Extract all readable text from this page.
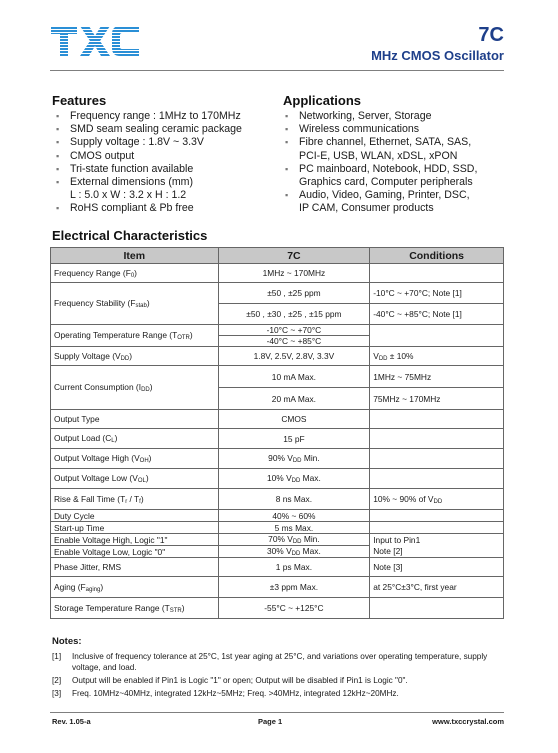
7C
MHz CMOS Oscillator
Features
▪ Frequency range : 1MHz to 170MHz
▪ SMD seam sealing ceramic package
▪ Supply voltage : 1.8V ~ 3.3V
▪ CMOS output
▪ Tri-state function available
▪ External dimensions (mm)
L : 5.0 x W : 3.2 x H : 1.2
▪ RoHS compliant & Pb free
Applications
▪ Networking, Server, Storage
▪ Wireless communications
▪ Fibre channel, Ethernet, SATA, SAS,
PCI-E, USB, WLAN, xDSL, xPON
▪ PC mainboard, Notebook, HDD, SSD,
Graphics card, Computer peripherals
▪ Audio, Video, Gaming, Printer, DSC,
IP CAM, Consumer products
Electrical Characteristics
Item	7C	Conditions
Frequency Range $(F_0)$	1MHz ~ 170MHz	
Frequency Stability $(F_{stab})$	±50 , ±25 ppm	-10°C ~ +70°C; Note [1]
	±50 , ±30 , ±25 , ±15 ppm	-40°C ~ +85°C; Note [1]
Operating Temperature Range $(T_{OTR})$	-10°C ~ +70°C	
	-40°C ~ +85°C	
Supply Voltage $(V_{DD})$	1.8V, 2.5V, 2.8V, 3.3V	$V_{DD} \pm 10\%$
Current Consumption $(I_{DD})$	10 mA Max.	1MHz ~ 75MHz
	20 mA Max.	75MHz ~ 170MHz
Output Type	CMOS	
Output Load $(C_L)$	15 pF	
Output Voltage High $(V_{OH})$	90% $V_{DD}$ Min.	
Output Voltage Low $(V_{OL})$	10% $V_{DD}$ Max.	
Rise & Fall Time $(T_r / T_f)$	8 ns Max.	10% ~ 90% of $V_{DD}$
Duty Cycle	40% ~ 60%	
Start-up Time	5 ms Max.	
Enable Voltage High, Logic "1"	70% $V_{DD}$ Min.	Input to Pin1
Enable Voltage Low, Logic "0"	30% $V_{DD}$ Max.	Note [2]
Phase Jitter, RMS	1 ps Max.	Note [3]
Aging $(F_{aging})$	±3 ppm Max.	at 25°C±3°C, first year
Storage Temperature Range $(T_{STR})$	-55°C ~ +125°C	
Notes:
[1] Inclusive of frequency tolerance at 25°C, 1st year aging at 25°C, and variations over operating temperature, supply voltage, and load.
[2] Output will be enabled if Pin1 is Logic "1" or open; Output will be disabled if Pin1 is Logic "0".
[3] Freq. 10MHz~40MHz, integrated 12kHz~5MHz; Freq. >40MHz, integrated 12kHz~20MHz.
Rev. 1.05-a	Page 1	www.txccrystal.com
